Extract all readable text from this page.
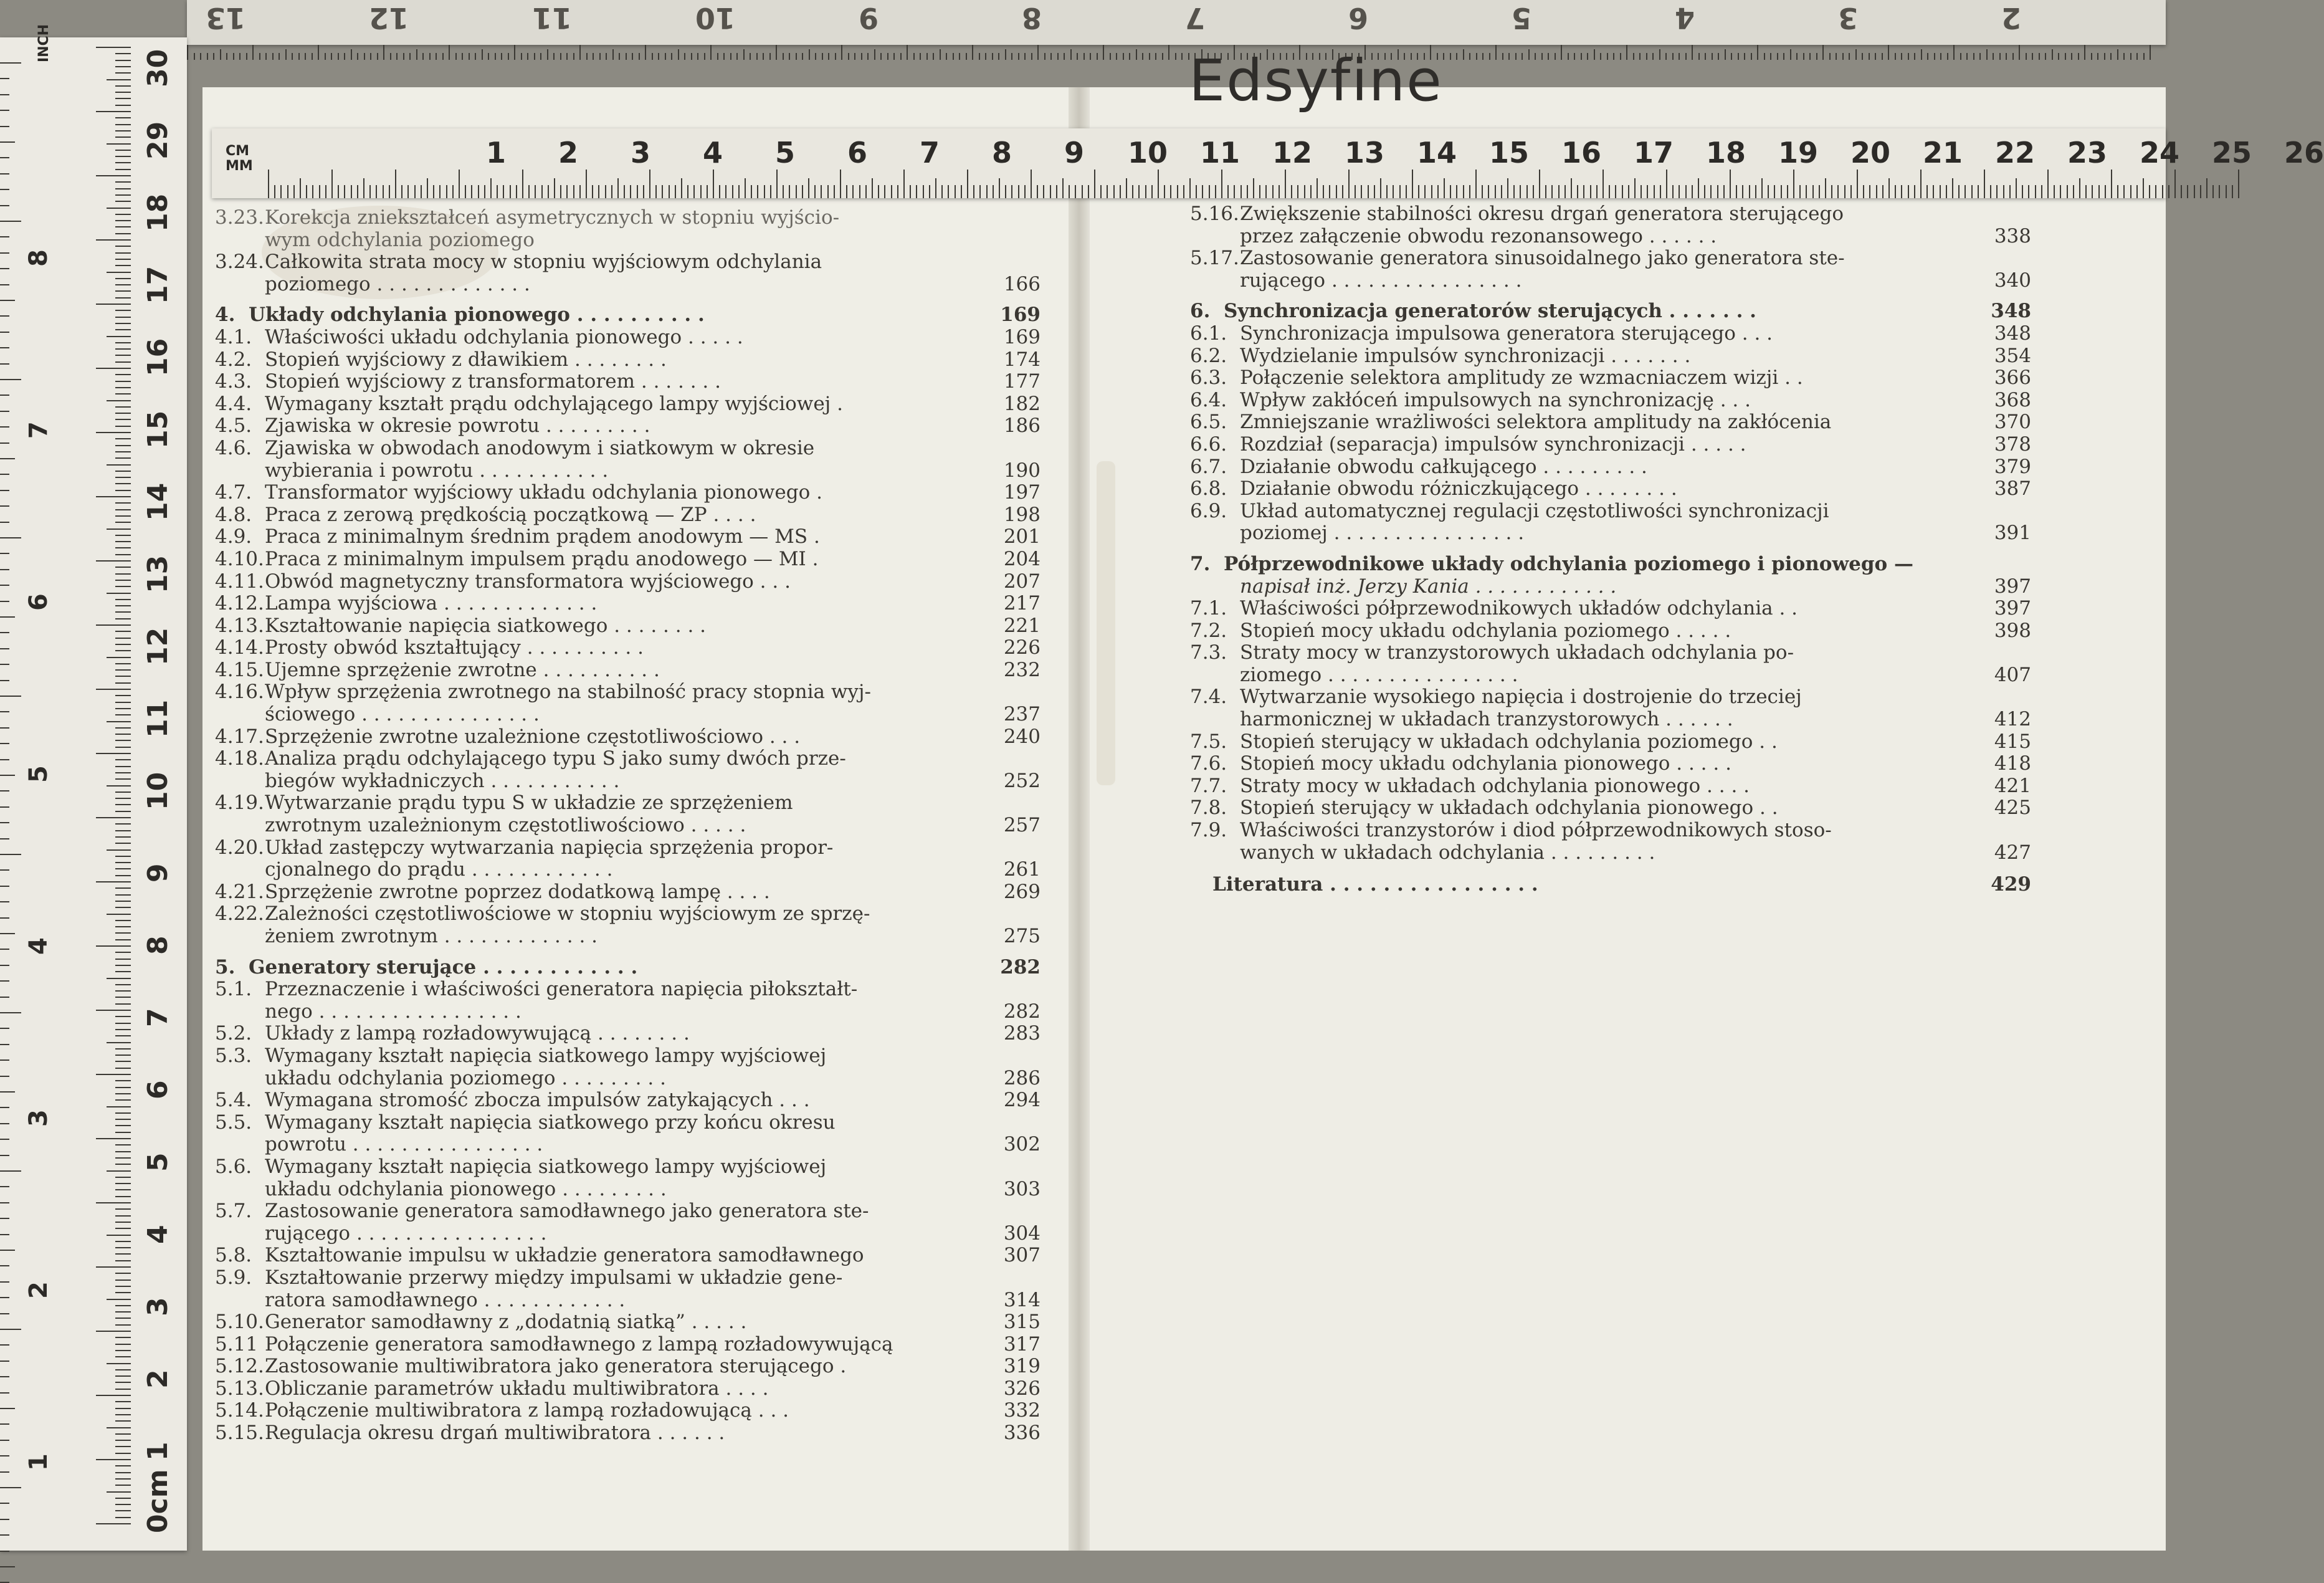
13	12	11	10	9	8	7	6	5	4	3	2
Edsyfine
3.23. Korekcja zniekształceń asymetrycznych w stopniu wyjścio-
wym odchylania poziomego
3.24. Całkowita strata mocy w stopniu wyjściowym odchylania
poziomego . . . . . . . . . . . . .	166
4. Układy odchylania pionowego . . . . . . . . . .	169
4.1. Właściwości układu odchylania pionowego . . . . .	169
4.2. Stopień wyjściowy z dławikiem . . . . . . . .	174
4.3. Stopień wyjściowy z transformatorem . . . . . . .	177
4.4. Wymagany kształt prądu odchylającego lampy wyjściowej .	182
4.5. Zjawiska w okresie powrotu . . . . . . . . .	186
4.6. Zjawiska w obwodach anodowym i siatkowym w okresie
wybierania i powrotu . . . . . . . . . . .	190
4.7. Transformator wyjściowy układu odchylania pionowego .	197
4.8. Praca z zerową prędkością początkową — ZP . . . .	198
4.9. Praca z minimalnym średnim prądem anodowym — MS .	201
4.10. Praca z minimalnym impulsem prądu anodowego — MI .	204
4.11. Obwód magnetyczny transformatora wyjściowego . . .	207
4.12. Lampa wyjściowa . . . . . . . . . . . . .	217
4.13. Kształtowanie napięcia siatkowego . . . . . . . .	221
4.14. Prosty obwód kształtujący . . . . . . . . . .	226
4.15. Ujemne sprzężenie zwrotne . . . . . . . . . .	232
4.16. Wpływ sprzężenia zwrotnego na stabilność pracy stopnia wyj-
ściowego . . . . . . . . . . . . . . .	237
4.17. Sprzężenie zwrotne uzależnione częstotliwościowo . . .	240
4.18. Analiza prądu odchylającego typu S jako sumy dwóch prze-
biegów wykładniczych . . . . . . . . . . .	252
4.19. Wytwarzanie prądu typu S w układzie ze sprzężeniem
zwrotnym uzależnionym częstotliwościowo . . . . .	257
4.20. Układ zastępczy wytwarzania napięcia sprzężenia propor-
cjonalnego do prądu . . . . . . . . . . . .	261
4.21. Sprzężenie zwrotne poprzez dodatkową lampę . . . .	269
4.22. Zależności częstotliwościowe w stopniu wyjściowym ze sprzę-
żeniem zwrotnym . . . . . . . . . . . . .	275
5. Generatory sterujące . . . . . . . . . . . .	282
5.1. Przeznaczenie i właściwości generatora napięcia piłokształt-
nego . . . . . . . . . . . . . . . . .	282
5.2. Układy z lampą rozładowywującą . . . . . . . .	283
5.3. Wymagany kształt napięcia siatkowego lampy wyjściowej
układu odchylania poziomego . . . . . . . . .	286
5.4. Wymagana stromość zbocza impulsów zatykających . . .	294
5.5. Wymagany kształt napięcia siatkowego przy końcu okresu
powrotu . . . . . . . . . . . . . . . .	302
5.6. Wymagany kształt napięcia siatkowego lampy wyjściowej
układu odchylania pionowego . . . . . . . . .	303
5.7. Zastosowanie generatora samodławnego jako generatora ste-
rującego . . . . . . . . . . . . . . . .	304
5.8. Kształtowanie impulsu w układzie generatora samodławnego	307
5.9. Kształtowanie przerwy między impulsami w układzie gene-
ratora samodławnego . . . . . . . . . . . .	314
5.10. Generator samodławny z „dodatnią siatką” . . . . .	315
5.11 Połączenie generatora samodławnego z lampą rozładowywującą	317
5.12. Zastosowanie multiwibratora jako generatora sterującego .	319
5.13. Obliczanie parametrów układu multiwibratora . . . .	326
5.14. Połączenie multiwibratora z lampą rozładowującą . . .	332
5.15. Regulacja okresu drgań multiwibratora . . . . . .	336
5.16. Zwiększenie stabilności okresu drgań generatora sterującego
przez załączenie obwodu rezonansowego . . . . . .	338
5.17. Zastosowanie generatora sinusoidalnego jako generatora ste-
rującego . . . . . . . . . . . . . . . .	340
6. Synchronizacja generatorów sterujących . . . . . . .	348
6.1. Synchronizacja impulsowa generatora sterującego . . .	348
6.2. Wydzielanie impulsów synchronizacji . . . . . . .	354
6.3. Połączenie selektora amplitudy ze wzmacniaczem wizji . .	366
6.4. Wpływ zakłóceń impulsowych na synchronizację . . .	368
6.5. Zmniejszanie wrażliwości selektora amplitudy na zakłócenia	370
6.6. Rozdział (separacja) impulsów synchronizacji . . . . .	378
6.7. Działanie obwodu całkującego . . . . . . . . .	379
6.8. Działanie obwodu różniczkującego . . . . . . . .	387
6.9. Układ automatycznej regulacji częstotliwości synchronizacji
poziomej . . . . . . . . . . . . . . . .	391
7. Półprzewodnikowe układy odchylania poziomego i pionowego —
napisał inż. Jerzy Kania . . . . . . . . . . . .	397
7.1. Właściwości półprzewodnikowych układów odchylania . .	397
7.2. Stopień mocy układu odchylania poziomego . . . . .	398
7.3. Straty mocy w tranzystorowych układach odchylania po-
ziomego . . . . . . . . . . . . . . . .	407
7.4. Wytwarzanie wysokiego napięcia i dostrojenie do trzeciej
harmonicznej w układach tranzystorowych . . . . . .	412
7.5. Stopień sterujący w układach odchylania poziomego . .	415
7.6. Stopień mocy układu odchylania pionowego . . . . .	418
7.7. Straty mocy w układach odchylania pionowego . . . .	421
7.8. Stopień sterujący w układach odchylania pionowego . .	425
7.9. Właściwości tranzystorów i diod półprzewodnikowych stoso-
wanych w układach odchylania . . . . . . . . .	427
Literatura . . . . . . . . . . . . . . . .	429
CM
MM	1 2 3 4 5 6 7 8 9 10 11 12 13 14 15 16 17 18 19 20 21 22 23 24 25 26
INCH
30
29
18
17
16
15
14
13
12
11
10
9
8
7
6
5
4
3
2
1
0cm
1
2
3
4
5
6
7
8
